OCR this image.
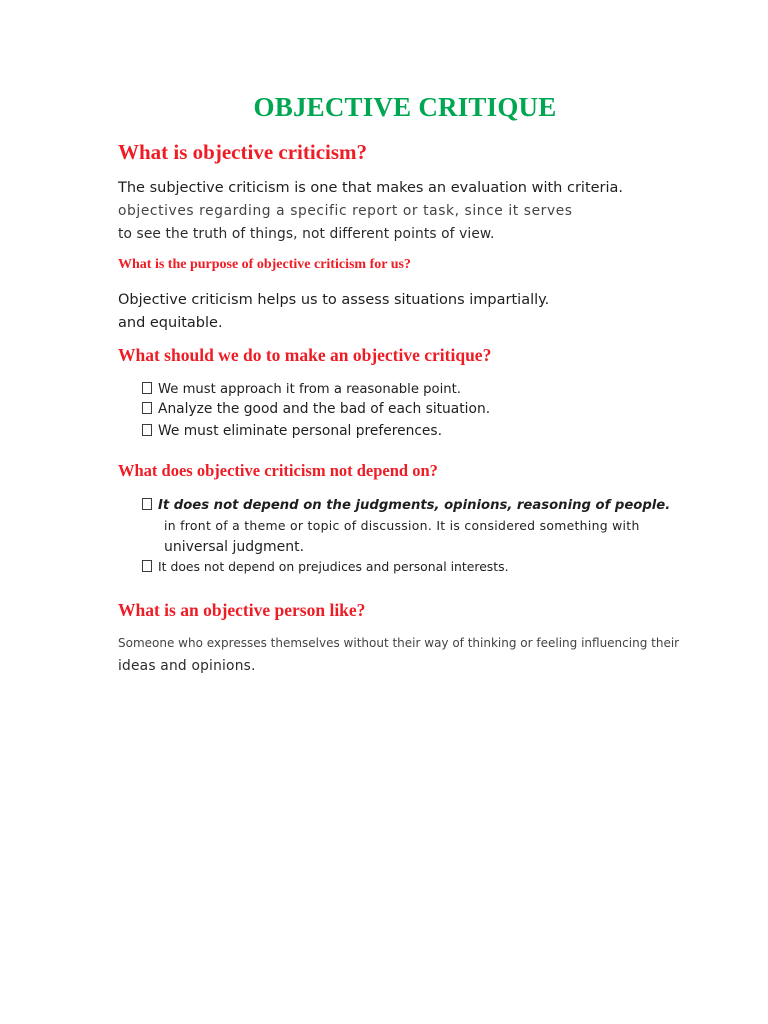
OBJECTIVE CRITIQUE
What is objective criticism?

The subjective criticism is one that makes an evaluation with criteria.

objectives regarding a specific report or task, since it serves

to see the truth of things, not different points of view.

What is the purpose of objective criticism for us?

Objective criticism helps us to assess situations impartially.

and equitable.

What should we do to make an objective critique?

We must approach it from a reasonable point.

Analyze the good and the bad of each situation.

We must eliminate personal preferences.

What does objective criticism not depend on?

It does not depend on the judgments, opinions, reasoning of people.

in front of a theme or topic of discussion. It is considered something with

universal judgment.

It does not depend on prejudices and personal interests.

What is an objective person like?

Someone who expresses themselves without their way of thinking or feeling influencing their

ideas and opinions.
